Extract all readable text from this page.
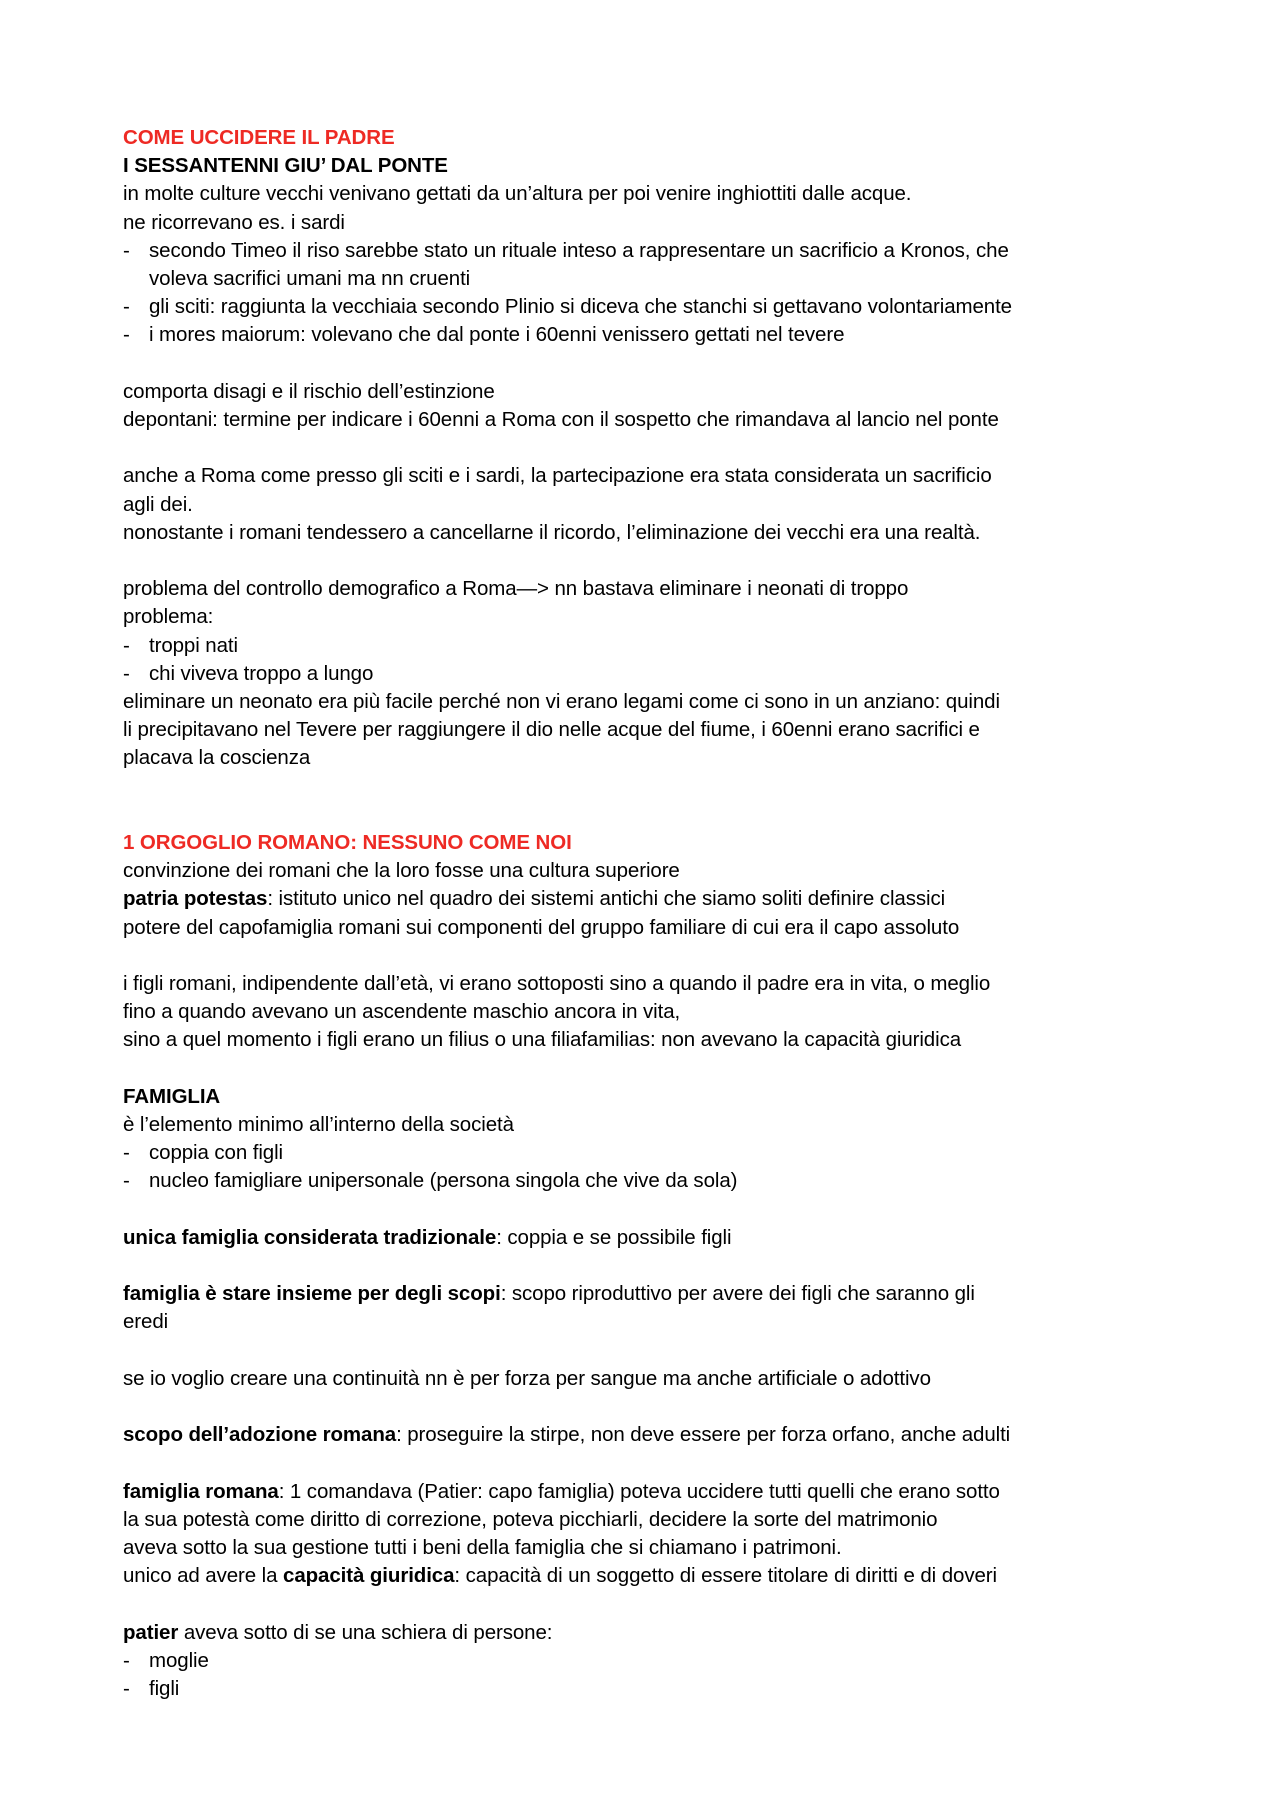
COME UCCIDERE IL PADRE

I SESSANTENNI GIU’ DAL PONTE

in molte culture vecchi venivano gettati da un’altura per poi venire inghiottiti dalle acque.

ne ricorrevano es. i sardi

- secondo Timeo il riso sarebbe stato un rituale inteso a rappresentare un sacrificio a Kronos, che

voleva sacrifici umani ma nn cruenti

- gli sciti: raggiunta la vecchiaia secondo Plinio si diceva che stanchi si gettavano volontariamente
- i mores maiorum: volevano che dal ponte i 60enni venissero gettati nel tevere

comporta disagi e il rischio dell’estinzione

depontani: termine per indicare i 60enni a Roma con il sospetto che rimandava al lancio nel ponte

anche a Roma come presso gli sciti e i sardi, la partecipazione era stata considerata un sacrificio

agli dei.

nonostante i romani tendessero a cancellarne il ricordo, l’eliminazione dei vecchi era una realtà.

problema del controllo demografico a Roma—> nn bastava eliminare i neonati di troppo

problema:

- troppi nati
- chi viveva troppo a lungo

eliminare un neonato era più facile perché non vi erano legami come ci sono in un anziano: quindi

li precipitavano nel Tevere per raggiungere il dio nelle acque del fiume, i 60enni erano sacrifici e

placava la coscienza

1 ORGOGLIO ROMANO: NESSUNO COME NOI

convinzione dei romani che la loro fosse una cultura superiore

patria potestas: istituto unico nel quadro dei sistemi antichi che siamo soliti definire classici

potere del capofamiglia romani sui componenti del gruppo familiare di cui era il capo assoluto

i figli romani, indipendente dall’età, vi erano sottoposti sino a quando il padre era in vita, o meglio

fino a quando avevano un ascendente maschio ancora in vita,

sino a quel momento i figli erano un filius o una filiafamilias: non avevano la capacità giuridica

FAMIGLIA

è l’elemento minimo all’interno della società

- coppia con figli
- nucleo famigliare unipersonale (persona singola che vive da sola)

unica famiglia considerata tradizionale: coppia e se possibile figli

famiglia è stare insieme per degli scopi: scopo riproduttivo per avere dei figli che saranno gli

eredi

se io voglio creare una continuità nn è per forza per sangue ma anche artificiale o adottivo

scopo dell’adozione romana: proseguire la stirpe, non deve essere per forza orfano, anche adulti

famiglia romana: 1 comandava (Patier: capo famiglia) poteva uccidere tutti quelli che erano sotto

la sua potestà come diritto di correzione, poteva picchiarli, decidere la sorte del matrimonio

aveva sotto la sua gestione tutti i beni della famiglia che si chiamano i patrimoni.

unico ad avere la capacità giuridica: capacità di un soggetto di essere titolare di diritti e di doveri

patier aveva sotto di se una schiera di persone:

- moglie
- figli
